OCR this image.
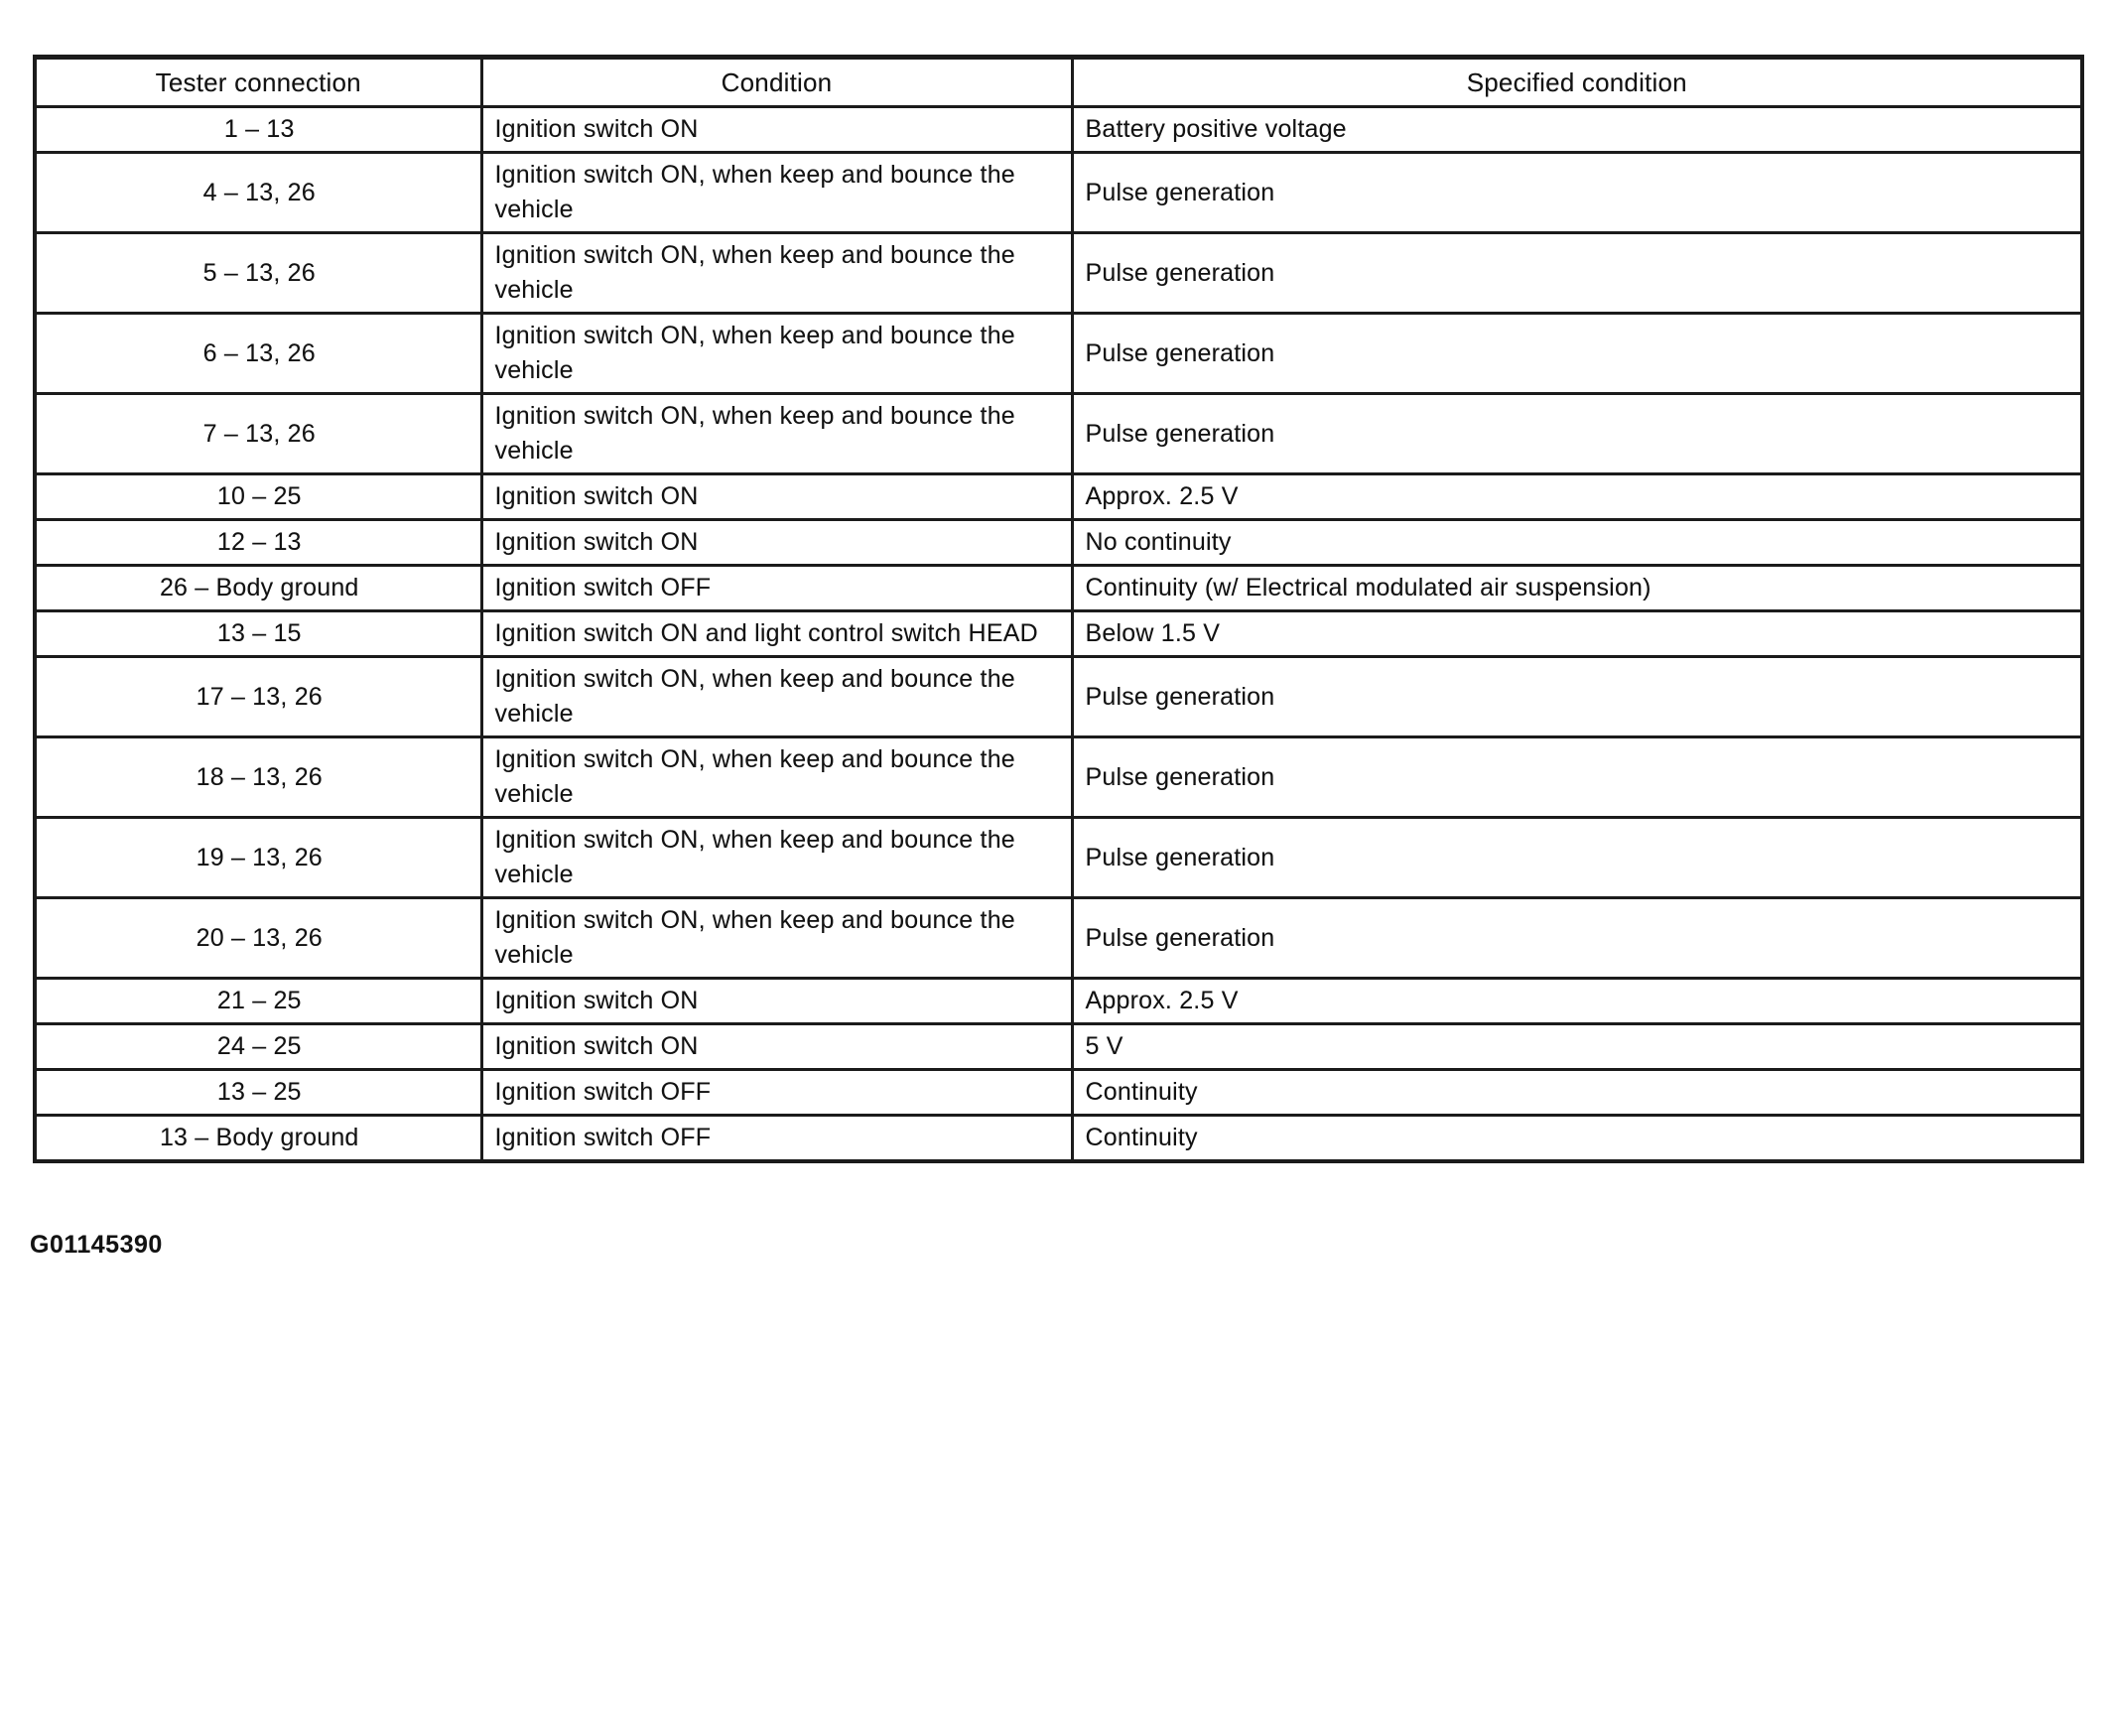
Tester connection	Condition	Specified condition
1 – 13	Ignition switch ON	Battery positive voltage
4 – 13, 26	Ignition switch ON, when keep and bounce the vehicle	Pulse generation
5 – 13, 26	Ignition switch ON, when keep and bounce the vehicle	Pulse generation
6 – 13, 26	Ignition switch ON, when keep and bounce the vehicle	Pulse generation
7 – 13, 26	Ignition switch ON, when keep and bounce the vehicle	Pulse generation
10 – 25	Ignition switch ON	Approx. 2.5 V
12 – 13	Ignition switch ON	No continuity
26 – Body ground	Ignition switch OFF	Continuity (w/ Electrical modulated air suspension)
13 – 15	Ignition switch ON and light control switch HEAD	Below 1.5 V
17 – 13, 26	Ignition switch ON, when keep and bounce the vehicle	Pulse generation
18 – 13, 26	Ignition switch ON, when keep and bounce the vehicle	Pulse generation
19 – 13, 26	Ignition switch ON, when keep and bounce the vehicle	Pulse generation
20 – 13, 26	Ignition switch ON, when keep and bounce the vehicle	Pulse generation
21 – 25	Ignition switch ON	Approx. 2.5 V
24 – 25	Ignition switch ON	5 V
13 – 25	Ignition switch OFF	Continuity
13 – Body ground	Ignition switch OFF	Continuity
G01145390
